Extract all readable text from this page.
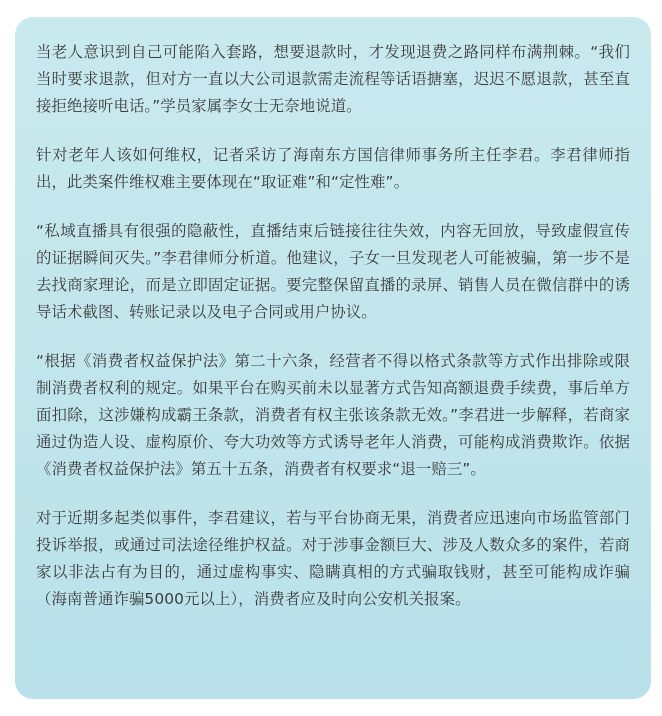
当老人意识到自己可能陷入套路，想要退款时，才发现退费之路同样布满荆棘。“我们当时要求退款，但对方一直以大公司退款需走流程等话语搪塞，迟迟不愿退款，甚至直接拒绝接听电话。”学员家属李女士无奈地说道。

针对老年人该如何维权，记者采访了海南东方国信律师事务所主任李君。李君律师指出，此类案件维权难主要体现在“取证难”和“定性难”。

“私域直播具有很强的隐蔽性，直播结束后链接往往失效，内容无回放，导致虚假宣传的证据瞬间灭失。”李君律师分析道。他建议，子女一旦发现老人可能被骗，第一步不是去找商家理论，而是立即固定证据。要完整保留直播的录屏、销售人员在微信群中的诱导话术截图、转账记录以及电子合同或用户协议。

“根据《消费者权益保护法》第二十六条，经营者不得以格式条款等方式作出排除或限制消费者权利的规定。如果平台在购买前未以显著方式告知高额退费手续费，事后单方面扣除，这涉嫌构成霸王条款，消费者有权主张该条款无效。”李君进一步解释，若商家通过伪造人设、虚构原价、夸大功效等方式诱导老年人消费，可能构成消费欺诈。依据《消费者权益保护法》第五十五条，消费者有权要求“退一赔三”。

对于近期多起类似事件，李君建议，若与平台协商无果，消费者应迅速向市场监管部门投诉举报，或通过司法途径维护权益。对于涉事金额巨大、涉及人数众多的案件，若商家以非法占有为目的，通过虚构事实、隐瞒真相的方式骗取钱财，甚至可能构成诈骗（海南普通诈骗5000元以上），消费者应及时向公安机关报案。
